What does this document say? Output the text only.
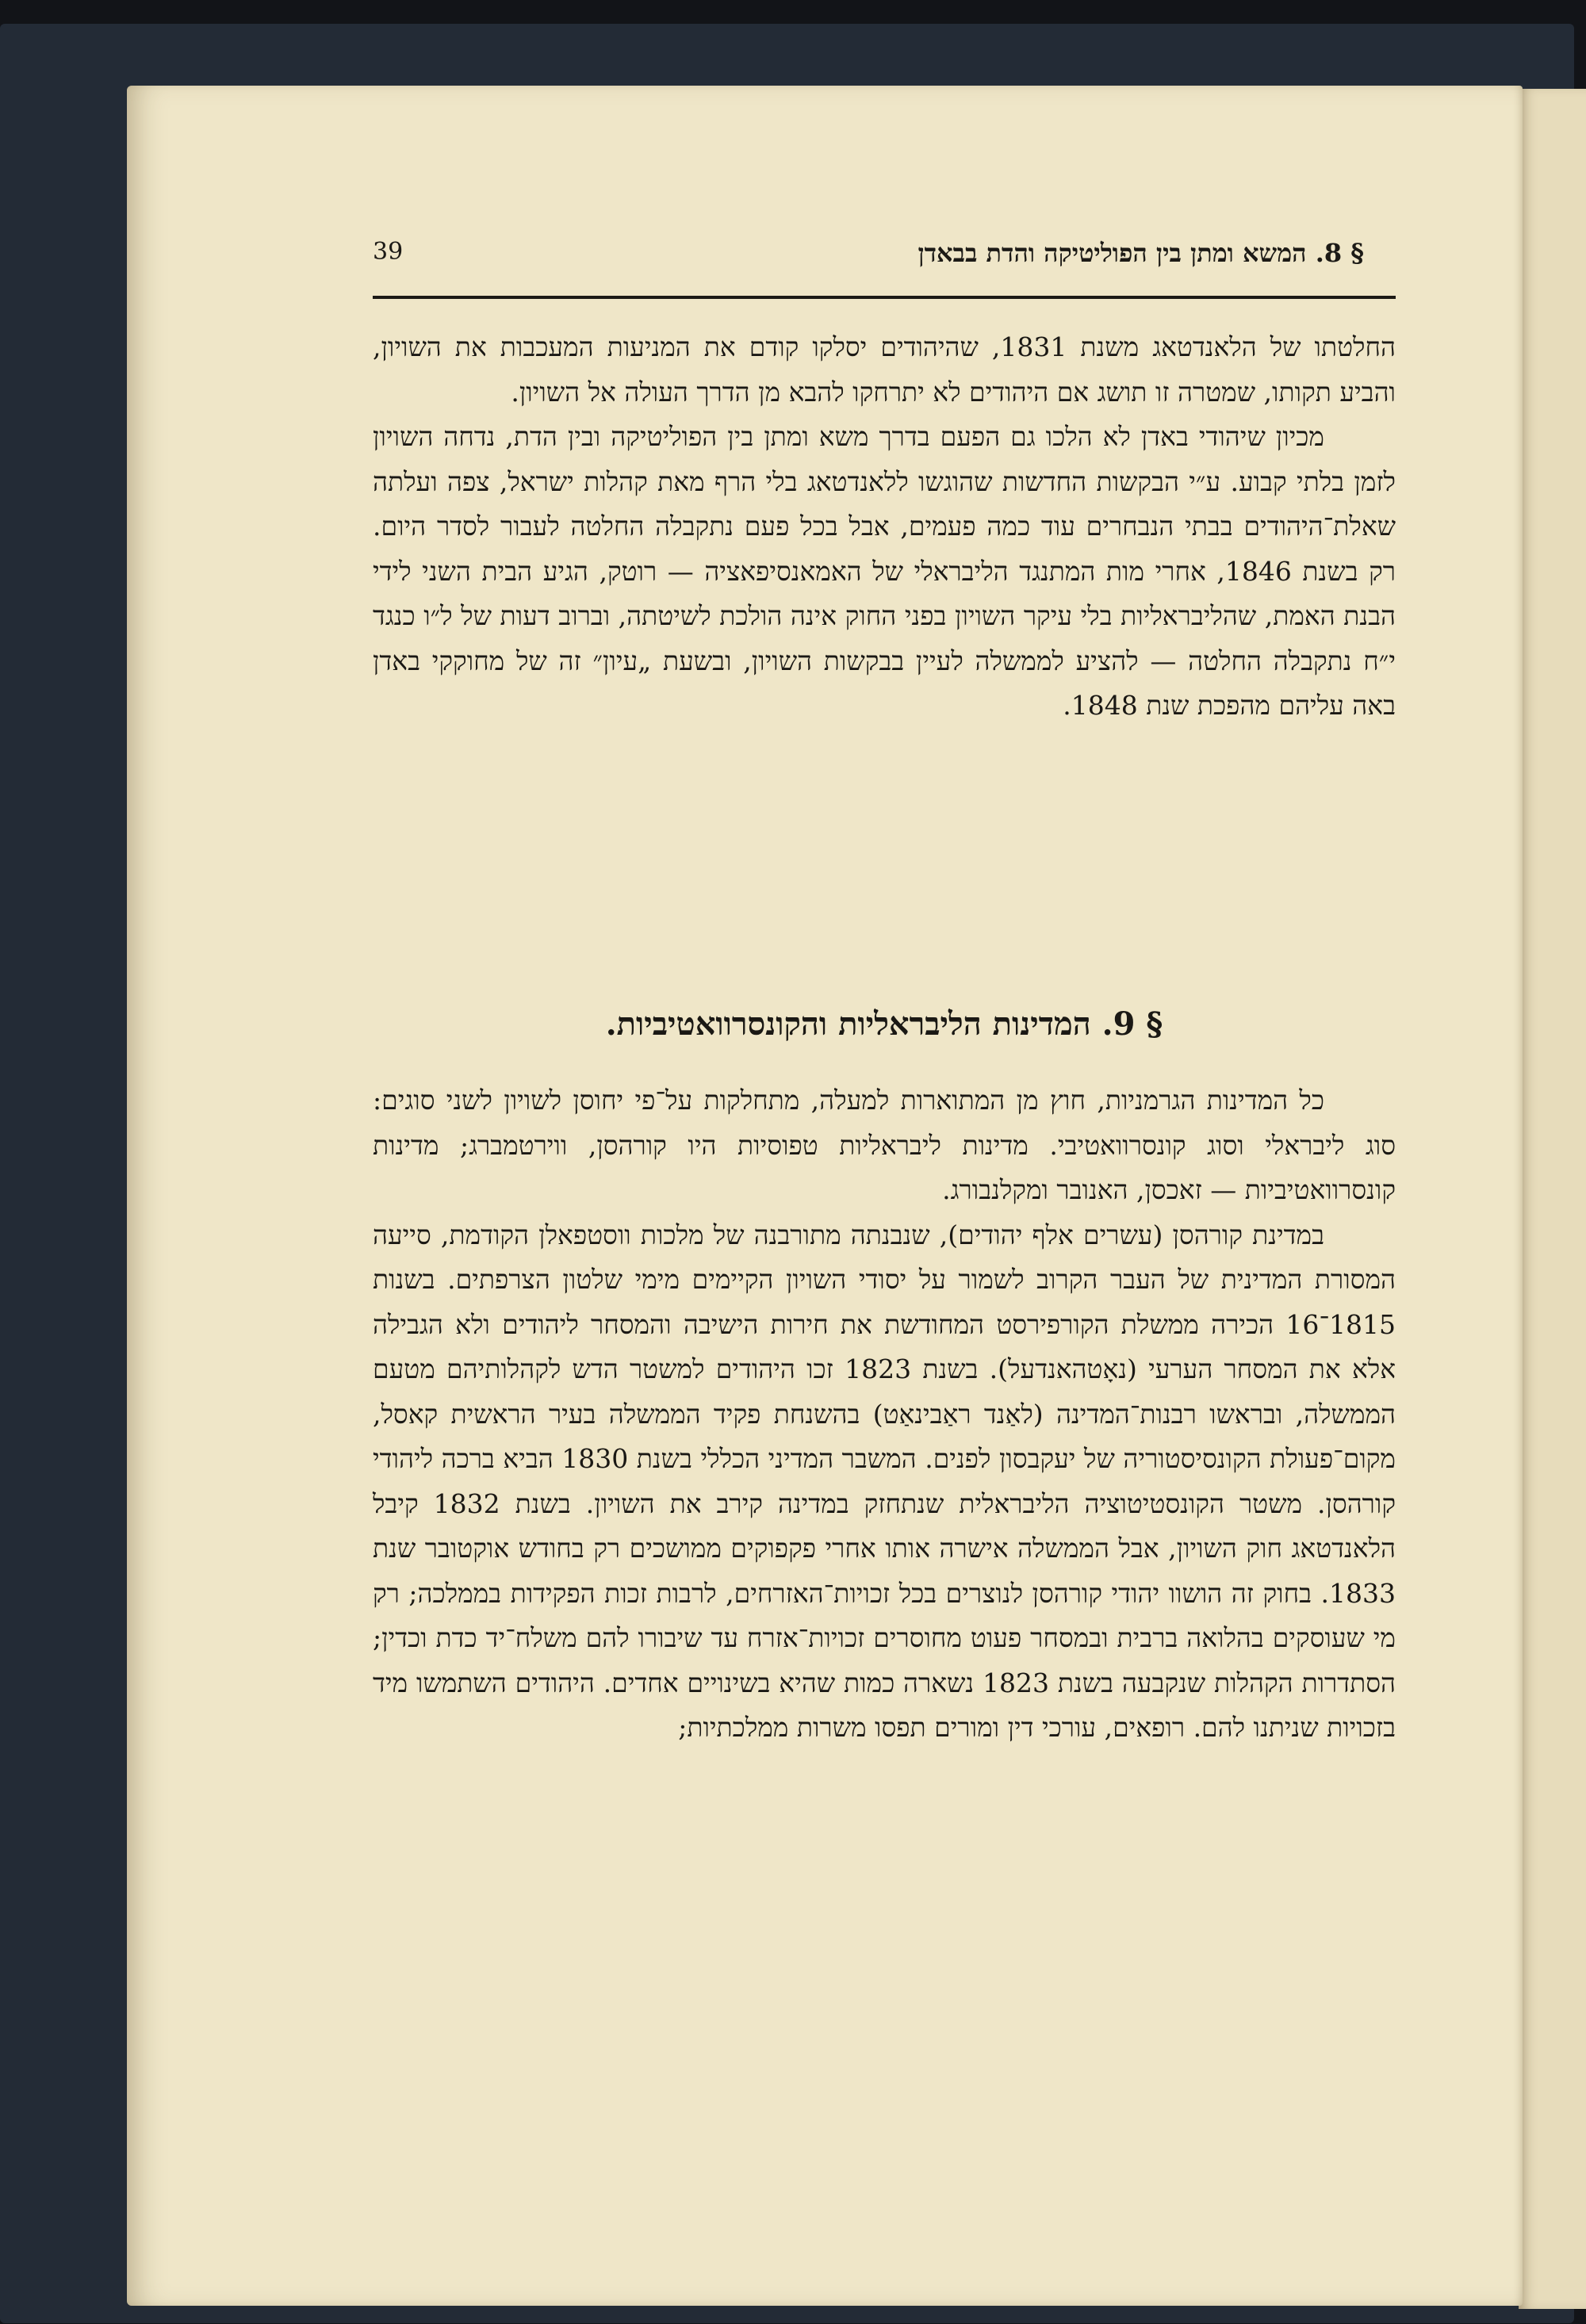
39	§ 8. המשא ומתן בין הפוליטיקה והדת בבאדן

החלטתו של הלאנדטאג משנת 1831, שהיהודים יסלקו קודם את המניעות המעכבות את השויון, והביע תקותו, שמטרה זו תושג אם היהודים לא יתרחקו להבא מן הדרך העולה אל השויון.

מכיון שיהודי באדן לא הלכו גם הפעם בדרך משא ומתן בין הפוליטיקה ובין הדת, נדחה השויון לזמן בלתי קבוע. ע״י הבקשות החדשות שהוגשו ללאנדטאג בלי הרף מאת קהלות ישראל, צפה ועלתה שאלת־היהודים בבתי הנבחרים עוד כמה פעמים, אבל בכל פעם נתקבלה החלטה לעבור לסדר היום. רק בשנת 1846, אחרי מות המתנגד הליבראלי של האמאנסיפאציה — רוטק, הגיע הבית השני לידי הבנת האמת, שהליבראליות בלי עיקר השויון בפני החוק אינה הולכת לשיטתה, וברוב דעות של ל״ו כנגד י״ח נתקבלה החלטה — להציע לממשלה לעיין בבקשות השויון, ובשעת „עיון״ זה של מחוקקי באדן באה עליהם מהפכת שנת 1848.

§ 9. המדינות הליבראליות והקונסרוואטיביות.

כל המדינות הגרמניות, חוץ מן המתוארות למעלה, מתחלקות על־פי יחוסן לשויון לשני סוגים: סוג ליבראלי וסוג קונסרוואטיבי. מדינות ליבראליות טפוסיות היו קורהסן, ווירטמברג; מדינות קונסרוואטיביות — זאכסן, האנובר ומקלנבורג.

במדינת קורהסן (עשרים אלף יהודים), שנבנתה מתורבנה של מלכות ווסטפאלן הקודמת, סייעה המסורת המדינית של העבר הקרוב לשמור על יסודי השויון הקיימים מימי שלטון הצרפתים. בשנות 1815־16 הכירה ממשלת הקורפירסט המחודשת את חירות הישיבה והמסחר ליהודים ולא הגבילה אלא את המסחר הערעי (נאָטהאנדעל). בשנת 1823 זכו היהודים למשטר הדש לקהלותיהם מטעם הממשלה, ובראשו רבנות־המדינה (לאַנד ראַבינאַט) בהשנחת פקיד הממשלה בעיר הראשית קאסל, מקום־פעולת הקונסיסטוריה של יעקבסון לפנים. המשבר המדיני הכללי בשנת 1830 הביא ברכה ליהודי קורהסן. משטר הקונסטיטוציה הליבראלית שנתחזק במדינה קירב את השויון. בשנת 1832 קיבל הלאנדטאג חוק השויון, אבל הממשלה אישרה אותו אחרי פקפוקים ממושכים רק בחודש אוקטובר שנת 1833. בחוק זה הושוו יהודי קורהסן לנוצרים בכל זכויות־האזרחים, לרבות זכות הפקידות בממלכה; רק מי שעוסקים בהלואה ברבית ובמסחר פעוט מחוסרים זכויות־אזרח עד שיבורו להם משלח־יד כדת וכדין; הסתדרות הקהלות שנקבעה בשנת 1823 נשארה כמות שהיא בשינויים אחדים. היהודים השתמשו מיד בזכויות שניתנו להם. רופאים, עורכי דין ומורים תפסו משרות ממלכתיות;
